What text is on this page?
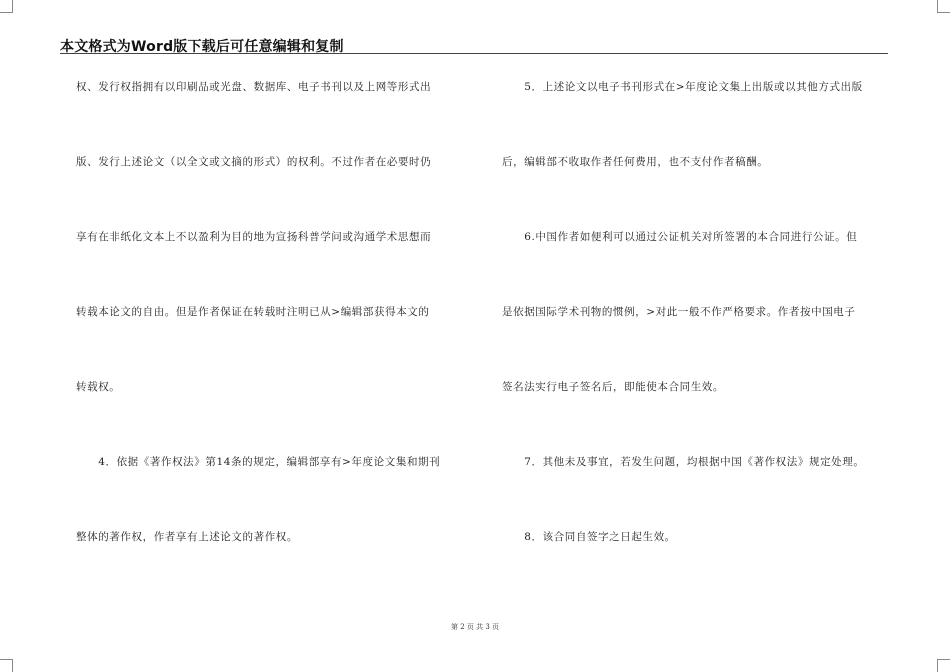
本文格式为Word版下载后可任意编辑和复制
权、发行权指拥有以印刷品或光盘、数据库、电子书刊以及上网等形式出
版、发行上述论文（以全文或文摘的形式）的权利。不过作者在必要时仍
享有在非纸化文本上不以盈利为目的地为宣扬科普学问或沟通学术思想而
转载本论文的自由。但是作者保证在转载时注明已从>编辑部获得本文的
转载权。
　　4．依据《著作权法》第14条的规定，编辑部享有>年度论文集和期刊
整体的著作权，作者享有上述论文的著作权。
　　5．上述论文以电子书刊形式在>年度论文集上出版或以其他方式出版
后，编辑部不收取作者任何费用，也不支付作者稿酬。
　　6.中国作者如便利可以通过公证机关对所签署的本合同进行公证。但
是依据国际学术刊物的惯例，>对此一般不作严格要求。作者按中国电子
签名法实行电子签名后，即能使本合同生效。
　　7．其他未及事宜，若发生问题，均根据中国《著作权法》规定处理。
　　8．该合同自签字之日起生效。
第 2 页 共 3 页
